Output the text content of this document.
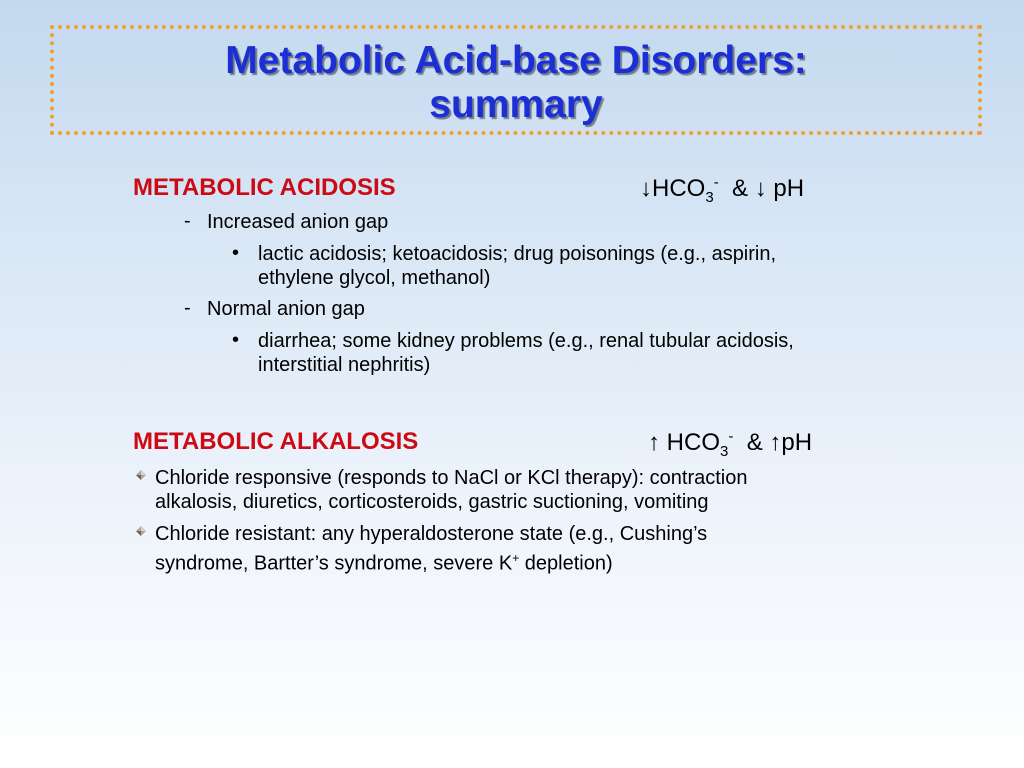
Metabolic Acid-base Disorders:
summary
METABOLIC ACIDOSIS	$↓HCO_3^-$ & ↓ pH
- Increased anion gap
• lactic acidosis; ketoacidosis; drug poisonings (e.g., aspirin,
ethylene glycol, methanol)
- Normal anion gap
• diarrhea; some kidney problems (e.g., renal tubular acidosis,
interstitial nephritis)
METABOLIC ALKALOSIS	↑ $HCO_3^-$ & ↑pH
Chloride responsive (responds to NaCl or KCl therapy): contraction
alkalosis, diuretics, corticosteroids, gastric suctioning, vomiting
Chloride resistant: any hyperaldosterone state (e.g., Cushing’s
syndrome, Bartter’s syndrome, severe K+ depletion)
